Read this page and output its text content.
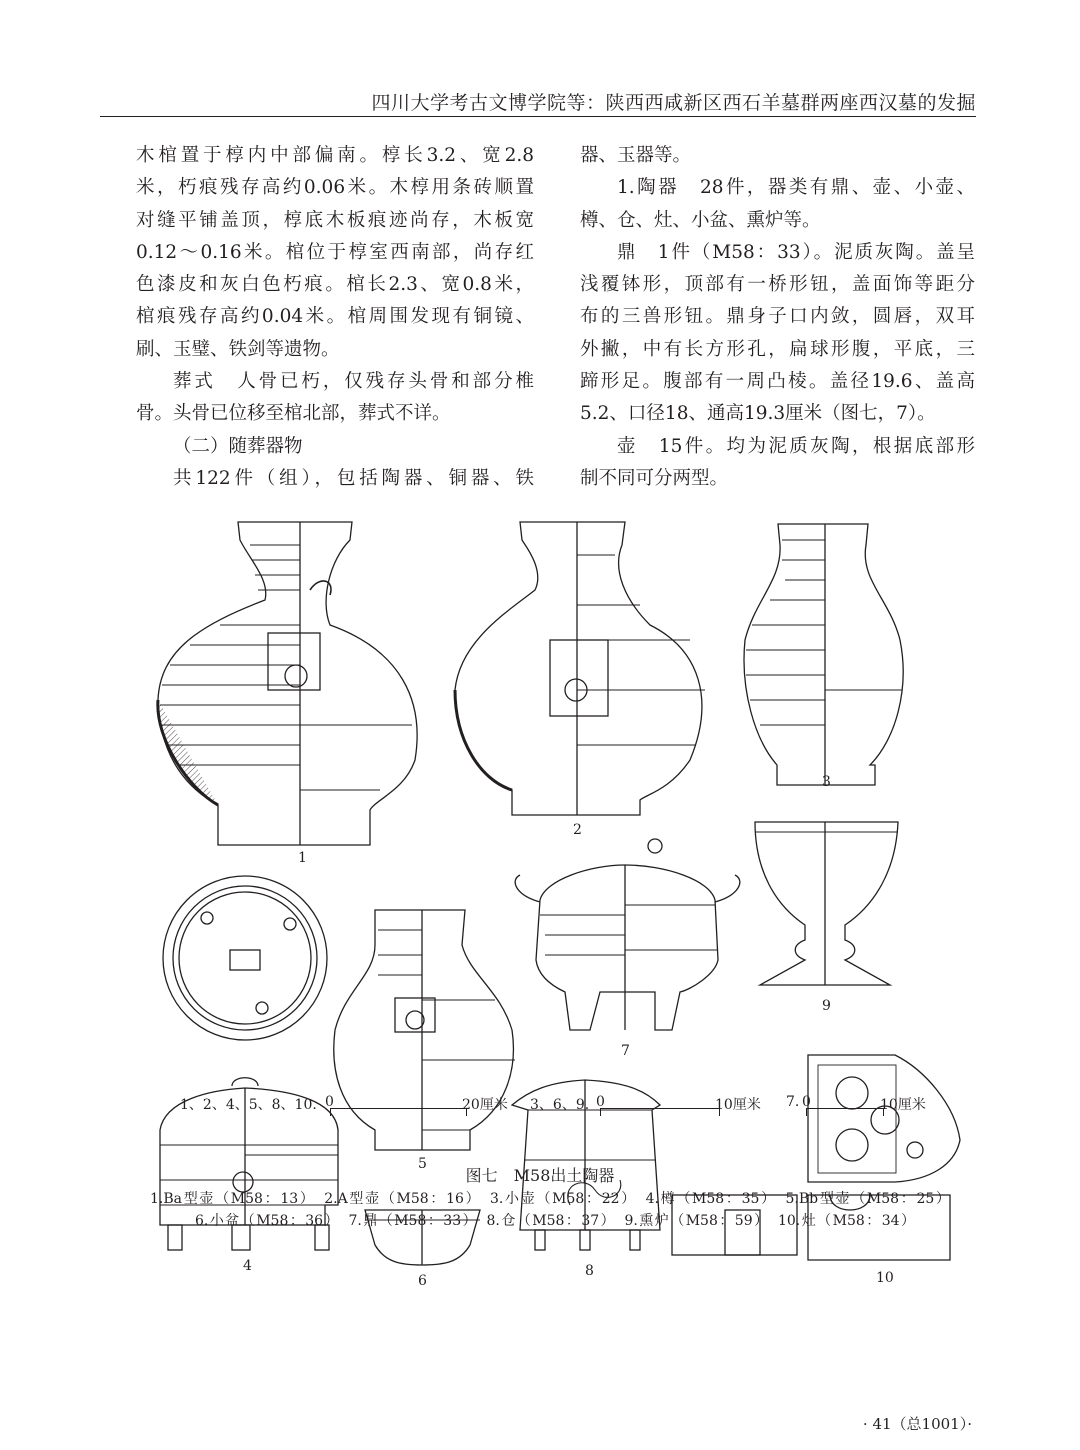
四川大学考古文博学院等：陕西西咸新区西石羊墓群两座西汉墓的发掘

木棺置于椁内中部偏南。椁长3.2、宽2.8

米，朽痕残存高约0.06米。木椁用条砖顺置

对缝平铺盖顶，椁底木板痕迹尚存，木板宽

0.12～0.16米。棺位于椁室西南部，尚存红

色漆皮和灰白色朽痕。棺长2.3、宽0.8米，

棺痕残存高约0.04米。棺周围发现有铜镜、

刷、玉璧、铁剑等遗物。

葬式　人骨已朽，仅残存头骨和部分椎

骨。头骨已位移至棺北部，葬式不详。

（二）随葬器物

共122件（组），包括陶器、铜器、铁

器、玉器等。

1.陶器　28件，器类有鼎、壶、小壶、

樽、仓、灶、小盆、熏炉等。

鼎　1件（M58：33）。泥质灰陶。盖呈

浅覆钵形，顶部有一桥形钮，盖面饰等距分

布的三兽形钮。鼎身子口内敛，圆唇，双耳

外撇，中有长方形孔，扁球形腹，平底，三

蹄形足。腹部有一周凸棱。盖径19.6、盖高

5.2、口径18、通高19.3厘米（图七，7）。

壶　15件。均为泥质灰陶，根据底部形

制不同可分两型。

1
2
3
4
5
6
7
9
8	10
1、2、4、5、8、10. 0	20厘米 3、6、9. 0	10厘米 7. 0	10厘米
图七　M58出土陶器
1.Ba型壶（M58：13）　2.A型壶（M58：16）　3.小壶（M58：22）　4.樽（M58：35）　5.Bb型壶（M58：25）
6.小盆（M58：36）　7.鼎（M58：33）　8.仓（M58：37）　9.熏炉（M58：59）　10.灶（M58：34）
· 41（总1001）·
